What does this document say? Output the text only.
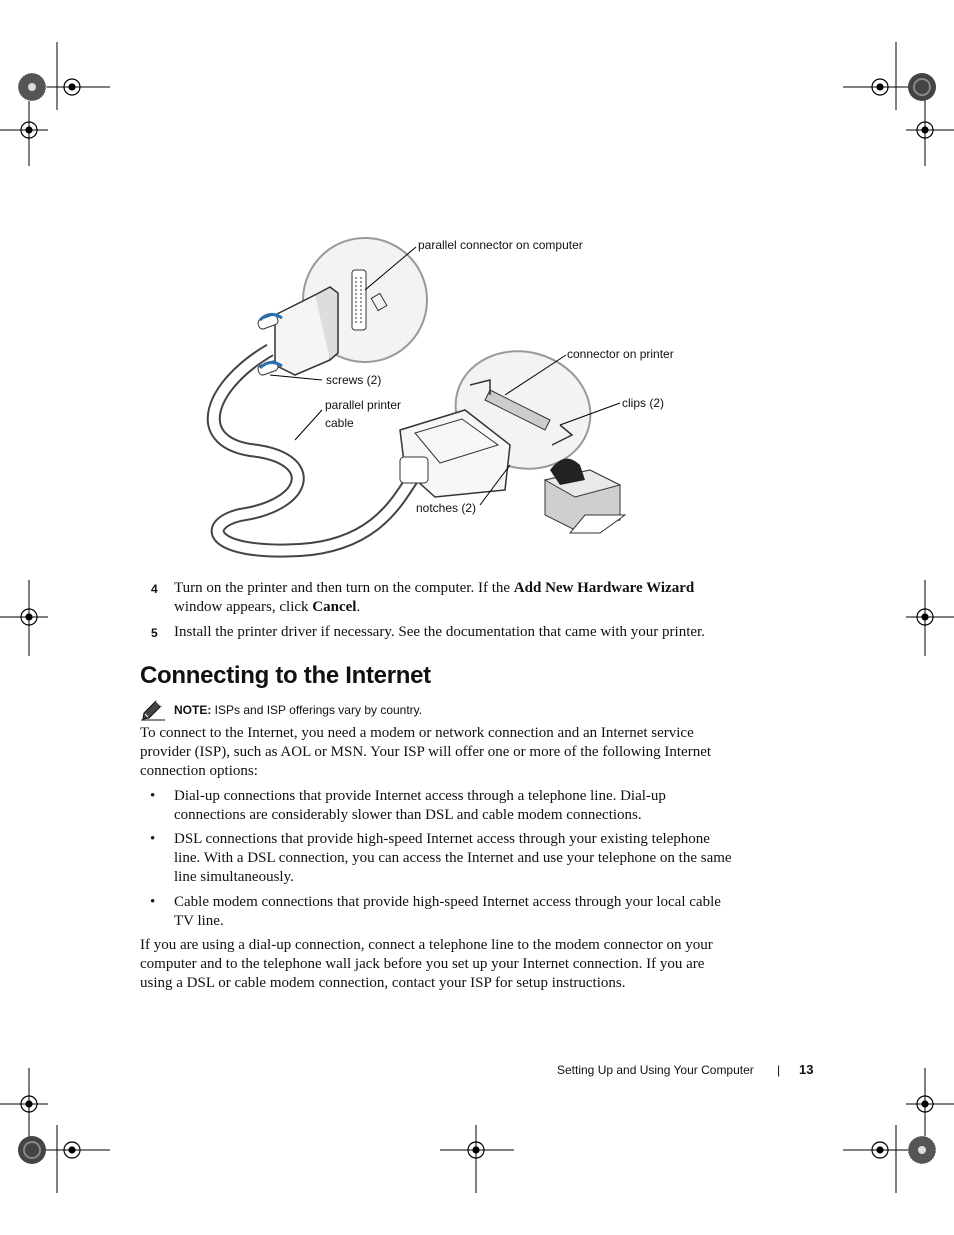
parallel connector on computer
connector on printer
screws (2)
clips (2)
parallel printer
cable
notches (2)
4 Turn on the printer and then turn on the computer. If the Add New Hardware Wizard
window appears, click Cancel.
5 Install the printer driver if necessary. See the documentation that came with your printer.
Connecting to the Internet
NOTE: ISPs and ISP offerings vary by country.
To connect to the Internet, you need a modem or network connection and an Internet service
provider (ISP), such as AOL or MSN. Your ISP will offer one or more of the following Internet
connection options:
• Dial-up connections that provide Internet access through a telephone line. Dial-up
connections are considerably slower than DSL and cable modem connections.
• DSL connections that provide high-speed Internet access through your existing telephone
line. With a DSL connection, you can access the Internet and use your telephone on the same
line simultaneously.
• Cable modem connections that provide high-speed Internet access through your local cable
TV line.
If you are using a dial-up connection, connect a telephone line to the modem connector on your
computer and to the telephone wall jack before you set up your Internet connection. If you are
using a DSL or cable modem connection, contact your ISP for setup instructions.
Setting Up and Using Your Computer | 13
